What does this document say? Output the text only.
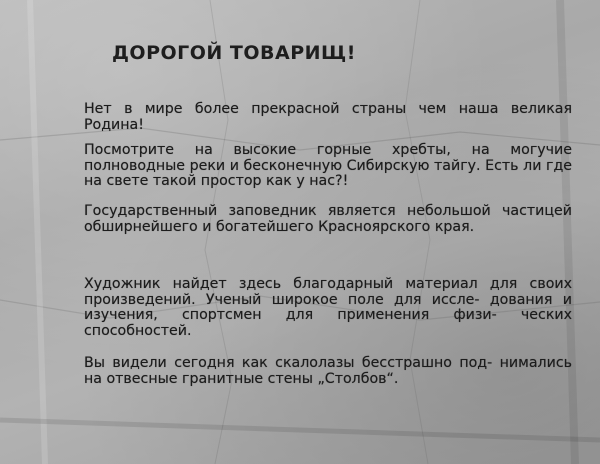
ДОРОГОЙ ТОВАРИЩ!

Нет в мире более прекрасной страны чем наша великая Родина!

Посмотрите на высокие горные хребты, на могучие полноводные реки и бесконечную Сибирскую тайгу. Есть ли где на свете такой простор как у нас?!

Государственный заповедник является небольшой частицей обширнейшего и богатейшего Красноярского края.

Художник найдет здесь благодарный материал для своих произведений. Ученый широкое поле для иссле- дования и изучения, спортсмен для применения физи- ческих способностей.

Вы видели сегодня как скалолазы бесстрашно под- нимались на отвесные гранитные стены „Столбов“.
